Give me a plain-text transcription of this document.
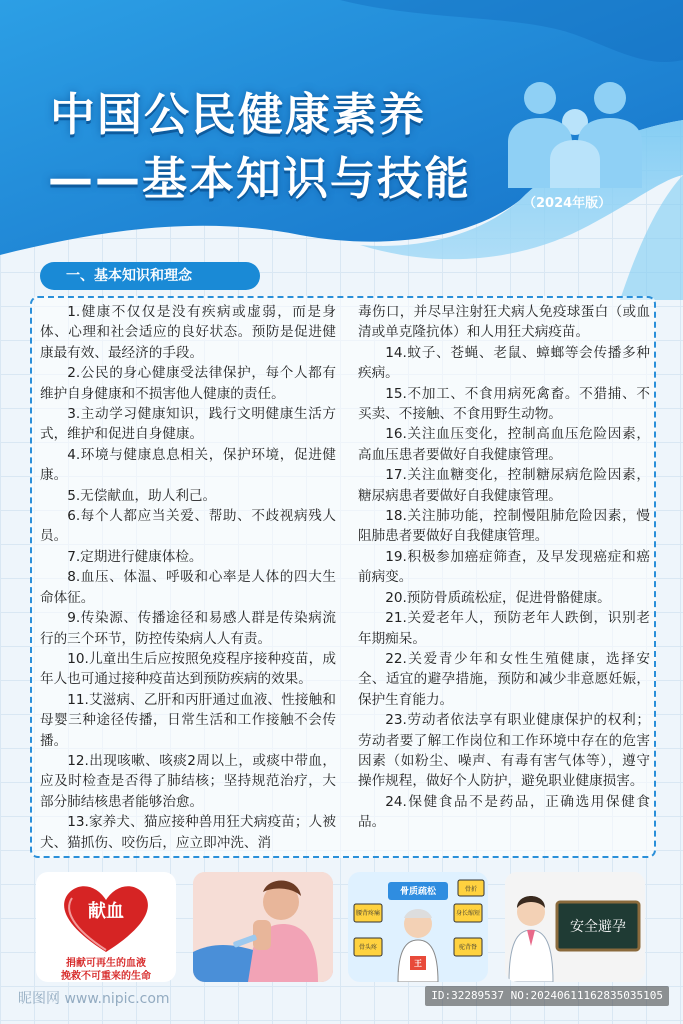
中国公民健康素养
——基本知识与技能	（2024年版）
一、基本知识和理念

1.健康不仅仅是没有疾病或虚弱，而是身体、心理和社会适应的良好状态。预防是促进健康最有效、最经济的手段。

2.公民的身心健康受法律保护，每个人都有维护自身健康和不损害他人健康的责任。

3.主动学习健康知识，践行文明健康生活方式，维护和促进自身健康。

4.环境与健康息息相关，保护环境，促进健康。

5.无偿献血，助人利己。

6.每个人都应当关爱、帮助、不歧视病残人员。

7.定期进行健康体检。

8.血压、体温、呼吸和心率是人体的四大生命体征。

9.传染源、传播途径和易感人群是传染病流行的三个环节，防控传染病人人有责。

10.儿童出生后应按照免疫程序接种疫苗，成年人也可通过接种疫苗达到预防疾病的效果。

11.艾滋病、乙肝和丙肝通过血液、性接触和母婴三种途径传播，日常生活和工作接触不会传播。

12.出现咳嗽、咳痰2周以上，或痰中带血，应及时检查是否得了肺结核；坚持规范治疗，大部分肺结核患者能够治愈。

13.家养犬、猫应接种兽用狂犬病疫苗；人被犬、猫抓伤、咬伤后，应立即冲洗、消

毒伤口，并尽早注射狂犬病人免疫球蛋白（或血清或单克隆抗体）和人用狂犬病疫苗。

14.蚊子、苍蝇、老鼠、蟑螂等会传播多种疾病。

15.不加工、不食用病死禽畜。不猎捕、不买卖、不接触、不食用野生动物。

16.关注血压变化，控制高血压危险因素，高血压患者要做好自我健康管理。

17.关注血糖变化，控制糖尿病危险因素，糖尿病患者要做好自我健康管理。

18.关注肺功能，控制慢阻肺危险因素，慢阻肺患者要做好自我健康管理。

19.积极参加癌症筛查，及早发现癌症和癌前病变。

20.预防骨质疏松症，促进骨骼健康。

21.关爱老年人，预防老年人跌倒，识别老年期痴呆。

22.关爱青少年和女性生殖健康，选择安全、适宜的避孕措施，预防和减少非意愿妊娠，保护生育能力。

23.劳动者依法享有职业健康保护的权利；劳动者要了解工作岗位和工作环境中存在的危害因素（如粉尘、噪声、有毒有害气体等），遵守操作规程，做好个人防护，避免职业健康损害。

24.保健食品不是药品，正确选用保健食品。

献血
捐献可再生的血液
挽救不可重来的生命
骨质疏松
腰背疼痛	身长缩短
骨折
骨头疼	驼背脊
王
安全避孕
昵图网 www.nipic.com	ID:32289537 NO:20240611162835035105
